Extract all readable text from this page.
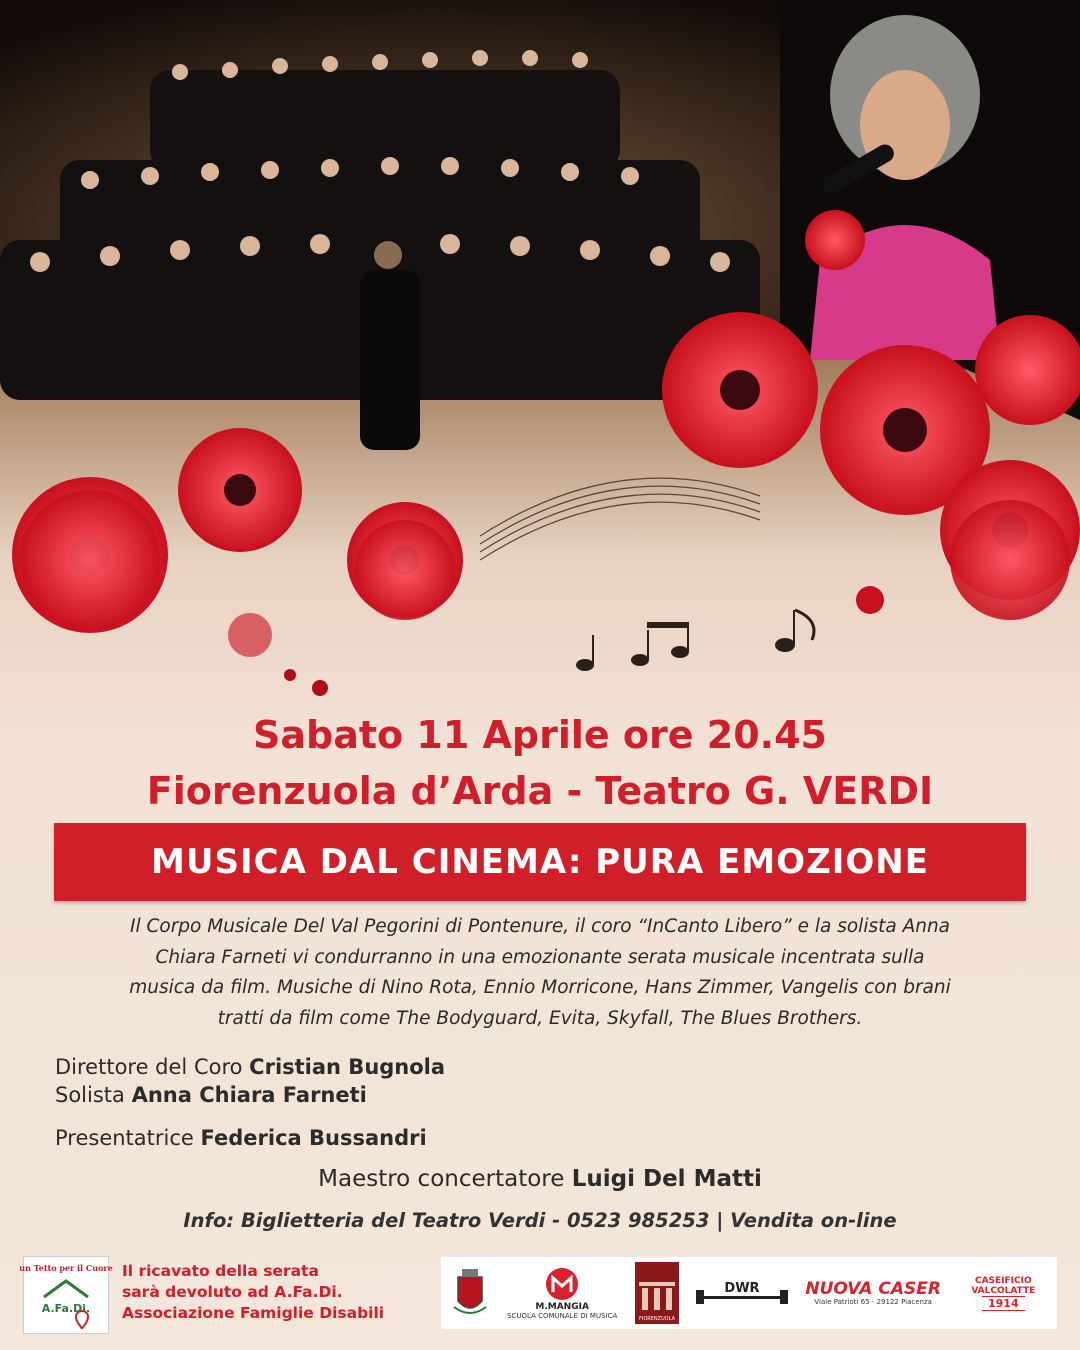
Sabato 11 Aprile ore 20.45
Fiorenzuola d’Arda - Teatro G. VERDI
MUSICA DAL CINEMA: PURA EMOZIONE
Il Corpo Musicale Del Val Pegorini di Pontenure, il coro “InCanto Libero” e la solista Anna
Chiara Farneti vi condurranno in una emozionante serata musicale incentrata sulla
musica da film. Musiche di Nino Rota, Ennio Morricone, Hans Zimmer, Vangelis con brani
tratti da film come The Bodyguard, Evita, Skyfall, The Blues Brothers.
Direttore del Coro Cristian Bugnola
Solista Anna Chiara Farneti
Presentatrice Federica Bussandri
Maestro concertatore Luigi Del Matti
Info: Biglietteria del Teatro Verdi - 0523 985253 | Vendita on-line
un Tetto per il Cuore
A.Fa.Di.
Il ricavato della serata
sarà devoluto ad A.Fa.Di.
Associazione Famiglie Disabili	M.MANGIA
SCUOLA COMUNALE DI MUSICA	FIORENZUOLA
DWR	NUOVA CASER
Viale Patrioti 65 - 29122 Piacenza
CASEIFICIO VALCOLATTE
1914
